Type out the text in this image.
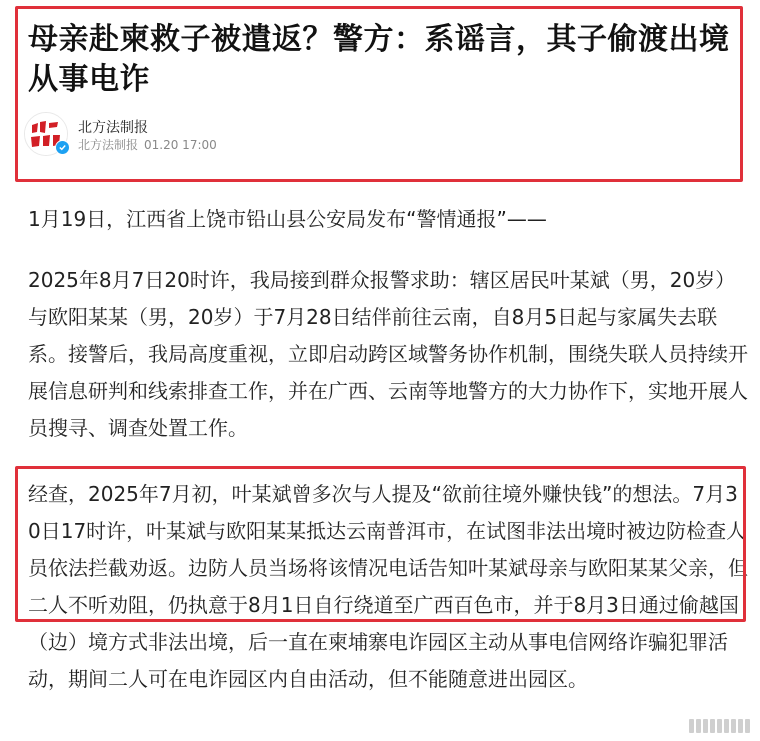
母亲赴柬救子被遣返？警方：系谣言，其子偷渡出境从事电诈
北方法制报
北方法制报 01.20 17:00

1月19日，江西省上饶市铅山县公安局发布“警情通报”——

2025年8月7日20时许，我局接到群众报警求助：辖区居民叶某斌（男，20岁）与欧阳某某（男，20岁）于7月28日结伴前往云南，自8月5日起与家属失去联系。接警后，我局高度重视，立即启动跨区域警务协作机制，围绕失联人员持续开展信息研判和线索排查工作，并在广西、云南等地警方的大力协作下，实地开展人员搜寻、调查处置工作。

经查，2025年7月初，叶某斌曾多次与人提及“欲前往境外赚快钱”的想法。7月30日17时许，叶某斌与欧阳某某抵达云南普洱市，在试图非法出境时被边防检查人员依法拦截劝返。边防人员当场将该情况电话告知叶某斌母亲与欧阳某某父亲，但二人不听劝阻，仍执意于8月1日自行绕道至广西百色市，并于8月3日通过偷越国（边）境方式非法出境，后一直在柬埔寨电诈园区主动从事电信网络诈骗犯罪活动，期间二人可在电诈园区内自由活动，但不能随意进出园区。
